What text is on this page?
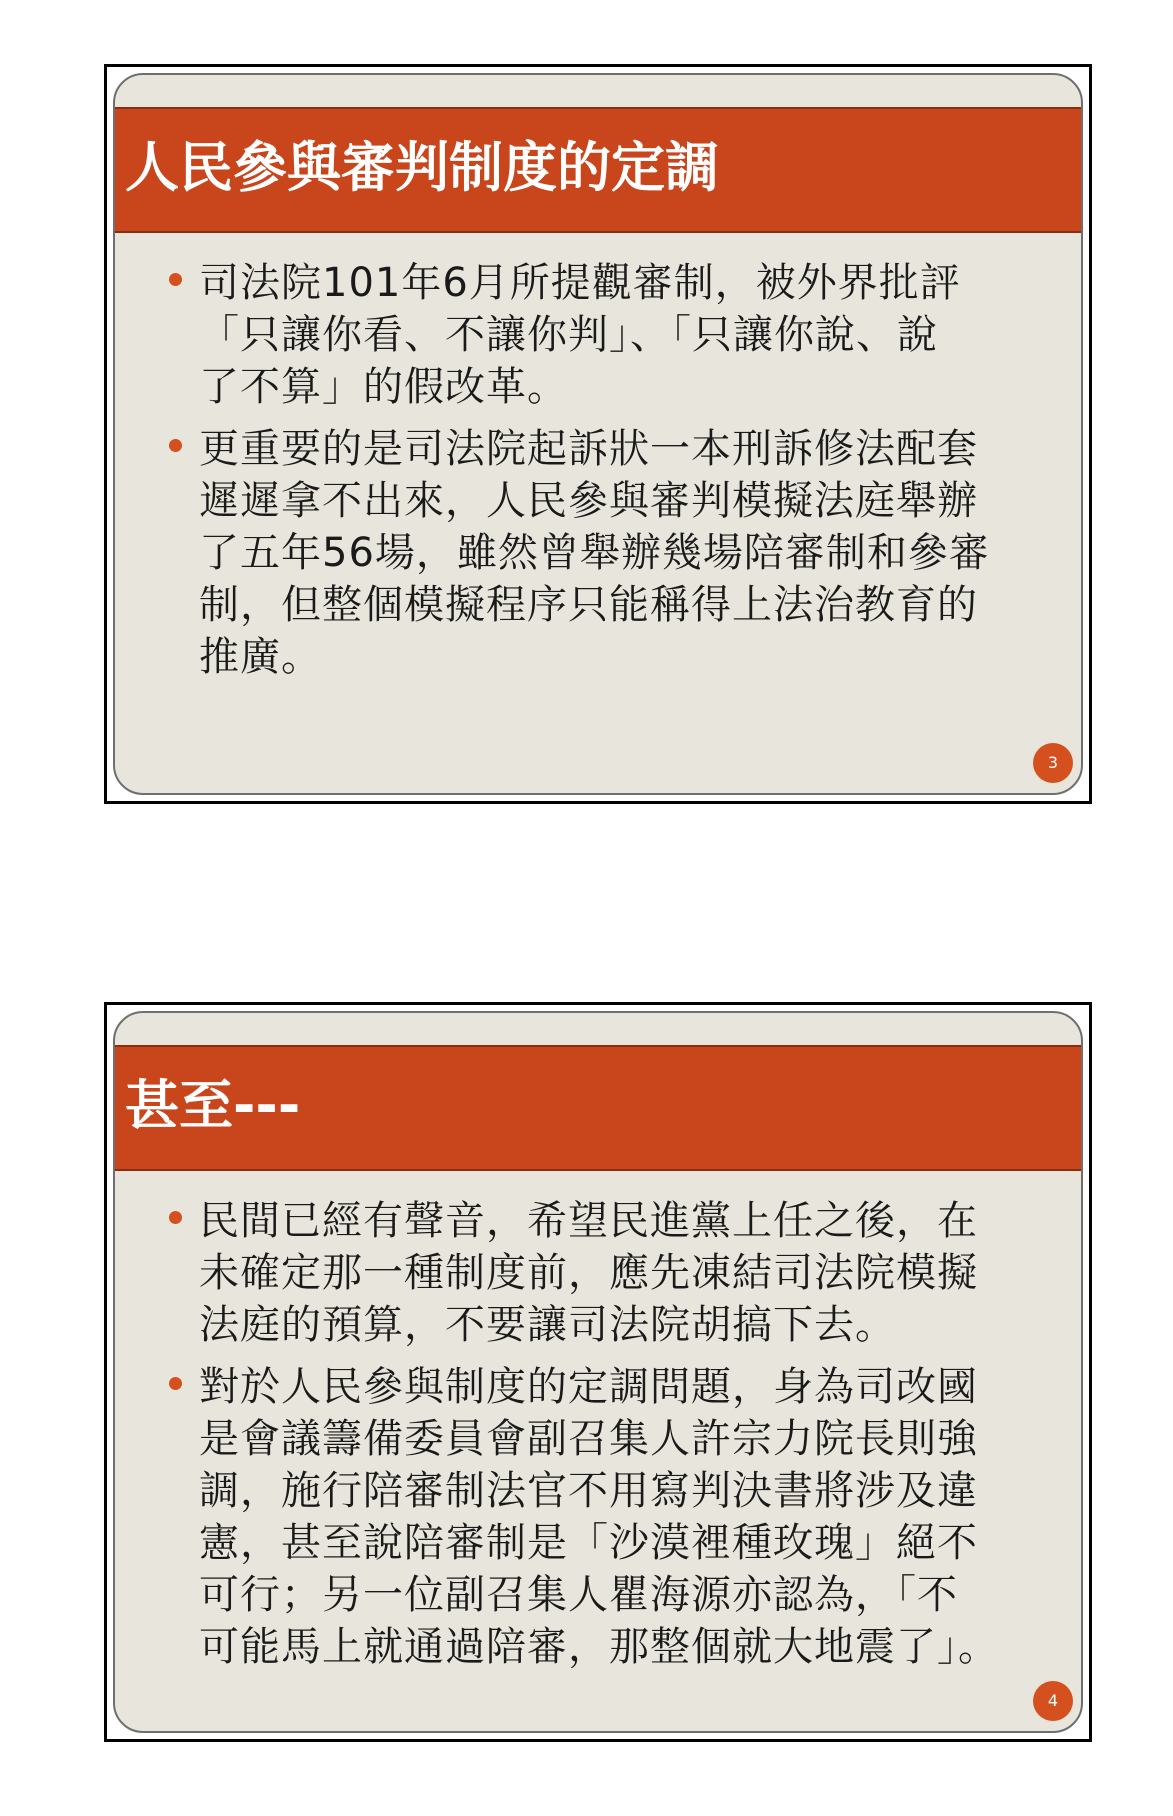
人民參與審判制度的定調
司法院101年6月所提觀審制，被外界批評
「只讓你看、不讓你判」、「只讓你說、說
了不算」的假改革。
更重要的是司法院起訴狀一本刑訴修法配套
遲遲拿不出來，人民參與審判模擬法庭舉辦
了五年56場，雖然曾舉辦幾場陪審制和參審
制，但整個模擬程序只能稱得上法治教育的
推廣。
3
甚至---
民間已經有聲音，希望民進黨上任之後，在
未確定那一種制度前，應先凍結司法院模擬
法庭的預算，不要讓司法院胡搞下去。
對於人民參與制度的定調問題，身為司改國
是會議籌備委員會副召集人許宗力院長則強
調，施行陪審制法官不用寫判決書將涉及違
憲，甚至說陪審制是「沙漠裡種玫瑰」絕不
可行；另一位副召集人瞿海源亦認為，「不
可能馬上就通過陪審，那整個就大地震了」。
4
